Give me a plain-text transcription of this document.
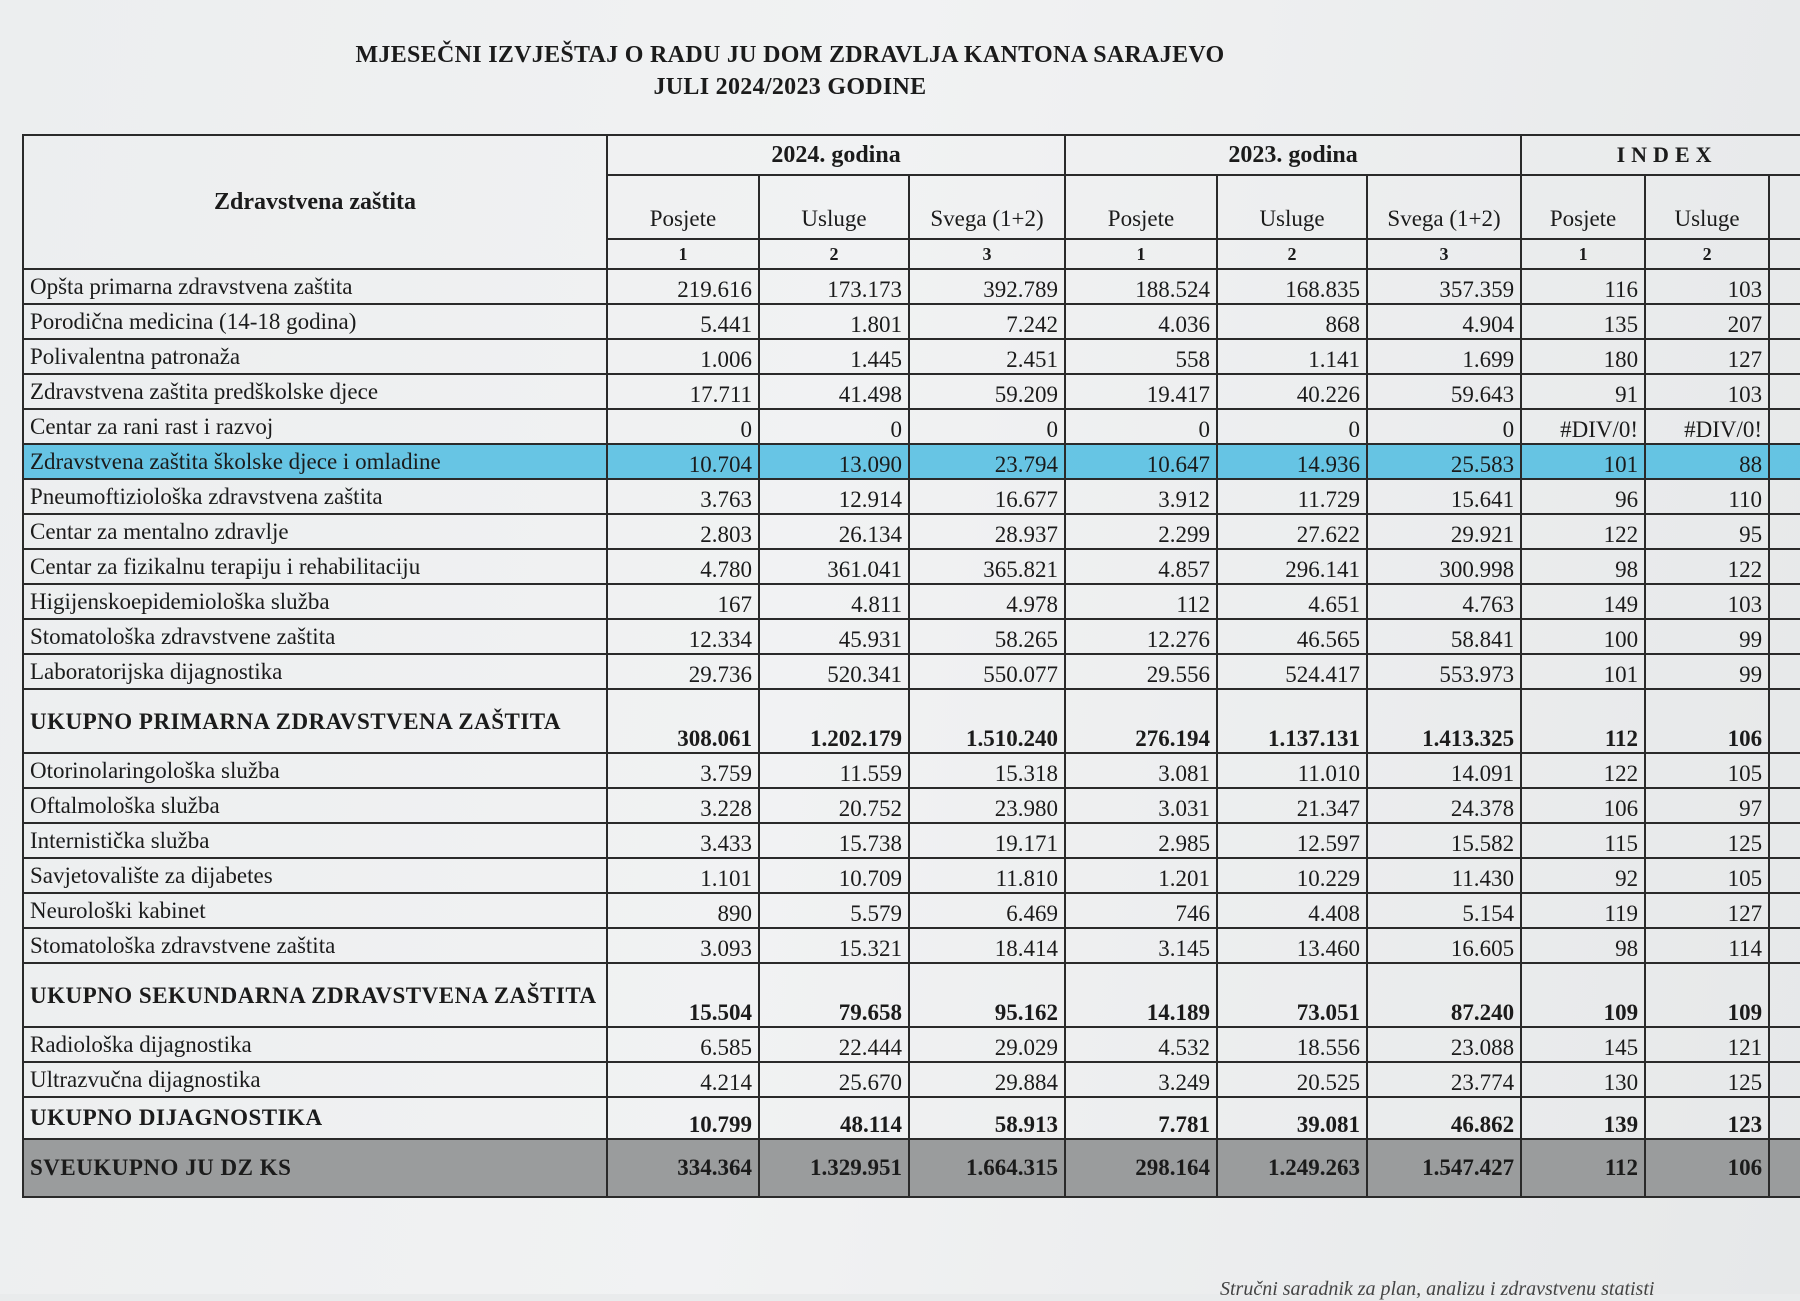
MJESEČNI IZVJEŠTAJ O RADU JU DOM ZDRAVLJA KANTONA SARAJEVO
JULI 2024/2023 GODINE
Zdravstvena zaštita	2024. godina			2023. godina			INDEX		
	Posjete	Usluge	Svega (1+2)	Posjete	Usluge	Svega (1+2)	Posjete	Usluge	
	1	2	3	1	2	3	1	2	
Opšta primarna zdravstvena zaštita	219.616	173.173	392.789	188.524	168.835	357.359	116	103	
Porodična medicina (14-18 godina)	5.441	1.801	7.242	4.036	868	4.904	135	207	
Polivalentna patronaža	1.006	1.445	2.451	558	1.141	1.699	180	127	
Zdravstvena zaštita predškolske djece	17.711	41.498	59.209	19.417	40.226	59.643	91	103	
Centar za rani rast i razvoj	0	0	0	0	0	0	#DIV/0!	#DIV/0!	
Zdravstvena zaštita školske djece i omladine	10.704	13.090	23.794	10.647	14.936	25.583	101	88	
Pneumoftiziološka zdravstvena zaštita	3.763	12.914	16.677	3.912	11.729	15.641	96	110	
Centar za mentalno zdravlje	2.803	26.134	28.937	2.299	27.622	29.921	122	95	
Centar za fizikalnu terapiju i rehabilitaciju	4.780	361.041	365.821	4.857	296.141	300.998	98	122	
Higijenskoepidemiološka služba	167	4.811	4.978	112	4.651	4.763	149	103	
Stomatološka zdravstvene zaštita	12.334	45.931	58.265	12.276	46.565	58.841	100	99	
Laboratorijska dijagnostika	29.736	520.341	550.077	29.556	524.417	553.973	101	99	
UKUPNO PRIMARNA ZDRAVSTVENA ZAŠTITA	308.061	1.202.179	1.510.240	276.194	1.137.131	1.413.325	112	106	
Otorinolaringološka služba	3.759	11.559	15.318	3.081	11.010	14.091	122	105	
Oftalmološka služba	3.228	20.752	23.980	3.031	21.347	24.378	106	97	
Internistička služba	3.433	15.738	19.171	2.985	12.597	15.582	115	125	
Savjetovalište za dijabetes	1.101	10.709	11.810	1.201	10.229	11.430	92	105	
Neurološki kabinet	890	5.579	6.469	746	4.408	5.154	119	127	
Stomatološka zdravstvene zaštita	3.093	15.321	18.414	3.145	13.460	16.605	98	114	
UKUPNO SEKUNDARNA ZDRAVSTVENA ZAŠTITA	15.504	79.658	95.162	14.189	73.051	87.240	109	109	
Radiološka dijagnostika	6.585	22.444	29.029	4.532	18.556	23.088	145	121	
Ultrazvučna dijagnostika	4.214	25.670	29.884	3.249	20.525	23.774	130	125	
UKUPNO DIJAGNOSTIKA	10.799	48.114	58.913	7.781	39.081	46.862	139	123	
SVEUKUPNO JU DZ KS	334.364	1.329.951	1.664.315	298.164	1.249.263	1.547.427	112	106	
Stručni saradnik za plan, analizu i zdravstvenu statisti
